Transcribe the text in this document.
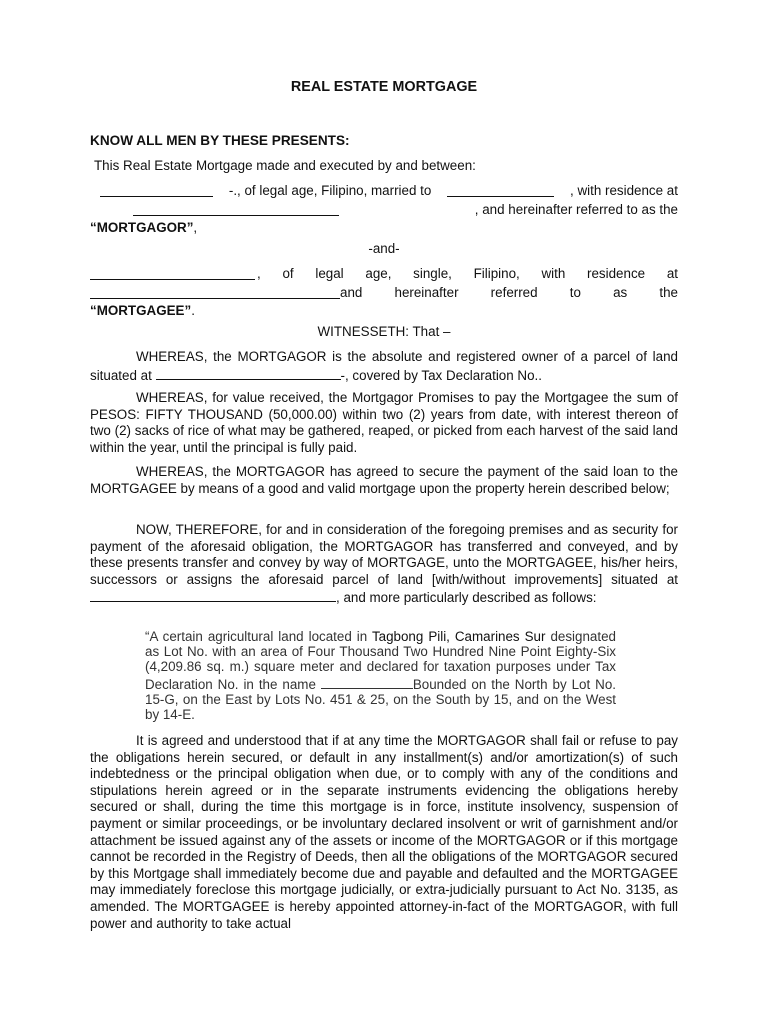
REAL ESTATE MORTGAGE
KNOW ALL MEN BY THESE PRESENTS:
This Real Estate Mortgage made and executed by and between:
-., of legal age, Filipino, married to	, with residence at
, and hereinafter referred to as the
“MORTGAGOR”,
-and-
, of legal age, single, Filipino, with residence at
and hereinafter referred to as the
“MORTGAGEE”.
WITNESSETH: That –
WHEREAS, the MORTGAGOR is the absolute and registered owner of a parcel of land situated at	-, covered by Tax Declaration No..
WHEREAS, for value received, the Mortgagor Promises to pay the Mortgagee the sum of PESOS: FIFTY THOUSAND (50,000.00) within two (2) years from date, with interest thereon of two (2) sacks of rice of what may be gathered, reaped, or picked from each harvest of the said land within the year, until the principal is fully paid.
WHEREAS, the MORTGAGOR has agreed to secure the payment of the said loan to the MORTGAGEE by means of a good and valid mortgage upon the property herein described below;
NOW, THEREFORE, for and in consideration of the foregoing premises and as security for payment of the aforesaid obligation, the MORTGAGOR has transferred and conveyed, and by these presents transfer and convey by way of MORTGAGE, unto the MORTGAGEE, his/her heirs, successors or assigns the aforesaid parcel of land [with/without improvements] situated at , and more particularly described as follows:
“A certain agricultural land located in Tagbong Pili, Camarines Sur designated as Lot No. with an area of Four Thousand Two Hundred Nine Point Eighty-Six (4,209.86 sq. m.) square meter and declared for taxation purposes under Tax Declaration No. in the name	Bounded on the North by Lot No. 15-G, on the East by Lots No. 451 & 25, on the South by 15, and on the West by 14-E.
It is agreed and understood that if at any time the MORTGAGOR shall fail or refuse to pay the obligations herein secured, or default in any installment(s) and/or amortization(s) of such indebtedness or the principal obligation when due, or to comply with any of the conditions and stipulations herein agreed or in the separate instruments evidencing the obligations hereby secured or shall, during the time this mortgage is in force, institute insolvency, suspension of payment or similar proceedings, or be involuntary declared insolvent or writ of garnishment and/or attachment be issued against any of the assets or income of the MORTGAGOR or if this mortgage cannot be recorded in the Registry of Deeds, then all the obligations of the MORTGAGOR secured by this Mortgage shall immediately become due and payable and defaulted and the MORTGAGEE may immediately foreclose this mortgage judicially, or extra-judicially pursuant to Act No. 3135, as amended. The MORTGAGEE is hereby appointed attorney-in-fact of the MORTGAGOR, with full power and authority to take actual
